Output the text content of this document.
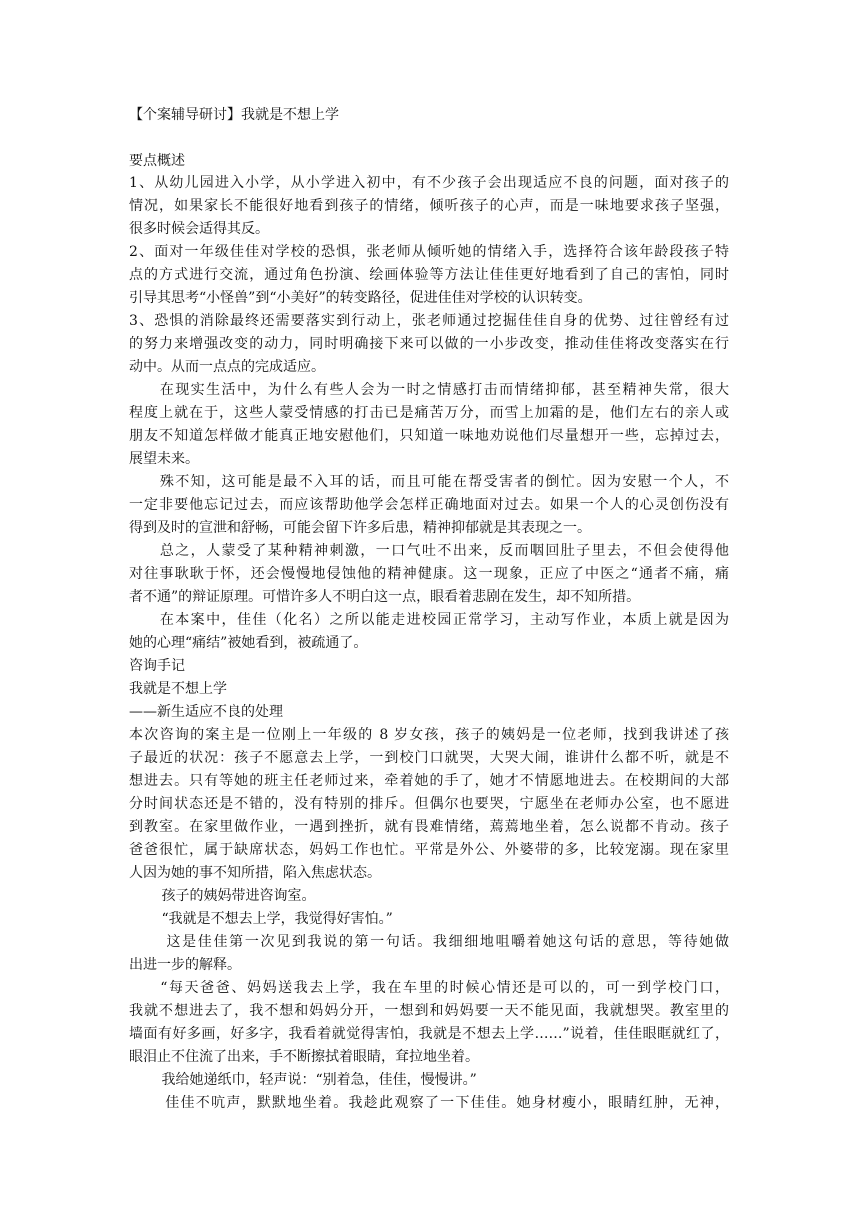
【个案辅导研讨】我就是不想上学
要点概述
1、从幼儿园进入小学，从小学进入初中，有不少孩子会出现适应不良的问题，面对孩子的
情况，如果家长不能很好地看到孩子的情绪，倾听孩子的心声，而是一味地要求孩子坚强，
很多时候会适得其反。
2、面对一年级佳佳对学校的恐惧，张老师从倾听她的情绪入手，选择符合该年龄段孩子特
点的方式进行交流，通过角色扮演、绘画体验等方法让佳佳更好地看到了自己的害怕，同时
引导其思考“小怪兽”到“小美好”的转变路径，促进佳佳对学校的认识转变。
3、恐惧的消除最终还需要落实到行动上，张老师通过挖掘佳佳自身的优势、过往曾经有过
的努力来增强改变的动力，同时明确接下来可以做的一小步改变，推动佳佳将改变落实在行
动中。从而一点点的完成适应。
　　在现实生活中，为什么有些人会为一时之情感打击而情绪抑郁，甚至精神失常，很大
程度上就在于，这些人蒙受情感的打击已是痛苦万分，而雪上加霜的是，他们左右的亲人或
朋友不知道怎样做才能真正地安慰他们，只知道一味地劝说他们尽量想开一些，忘掉过去，
展望未来。
　　殊不知，这可能是最不入耳的话，而且可能在帮受害者的倒忙。因为安慰一个人，不
一定非要他忘记过去，而应该帮助他学会怎样正确地面对过去。如果一个人的心灵创伤没有
得到及时的宣泄和舒畅，可能会留下许多后患，精神抑郁就是其表现之一。
　　总之，人蒙受了某种精神刺激，一口气吐不出来，反而咽回肚子里去，不但会使得他
对往事耿耿于怀，还会慢慢地侵蚀他的精神健康。这一现象，正应了中医之“通者不痛，痛
者不通”的辩证原理。可惜许多人不明白这一点，眼看着悲剧在发生，却不知所措。
　　在本案中，佳佳（化名）之所以能走进校园正常学习，主动写作业，本质上就是因为
她的心理“痛结”被她看到，被疏通了。
咨询手记
我就是不想上学
——新生适应不良的处理
本次咨询的案主是一位刚上一年级的 8 岁女孩，孩子的姨妈是一位老师，找到我讲述了孩
子最近的状况：孩子不愿意去上学，一到校门口就哭，大哭大闹，谁讲什么都不听，就是不
想进去。只有等她的班主任老师过来，牵着她的手了，她才不情愿地进去。在校期间的大部
分时间状态还是不错的，没有特别的排斥。但偶尔也要哭，宁愿坐在老师办公室，也不愿进
到教室。在家里做作业，一遇到挫折，就有畏难情绪，蔫蔫地坐着，怎么说都不肯动。孩子
爸爸很忙，属于缺席状态，妈妈工作也忙。平常是外公、外婆带的多，比较宠溺。现在家里
人因为她的事不知所措，陷入焦虑状态。
　　 孩子的姨妈带进咨询室。
　　 “我就是不想去上学，我觉得好害怕。”
　　 这是佳佳第一次见到我说的第一句话。我细细地咀嚼着她这句话的意思，等待她做
出进一步的解释。
　　“每天爸爸、妈妈送我去上学，我在车里的时候心情还是可以的，可一到学校门口，
我就不想进去了，我不想和妈妈分开，一想到和妈妈要一天不能见面，我就想哭。教室里的
墙面有好多画，好多字，我看着就觉得害怕，我就是不想去上学……”说着，佳佳眼眶就红了，
眼泪止不住流了出来，手不断擦拭着眼睛，耷拉地坐着。
　　 我给她递纸巾，轻声说：“别着急，佳佳，慢慢讲。”
　　 佳佳不吭声，默默地坐着。我趁此观察了一下佳佳。她身材瘦小，眼睛红肿，无神，
